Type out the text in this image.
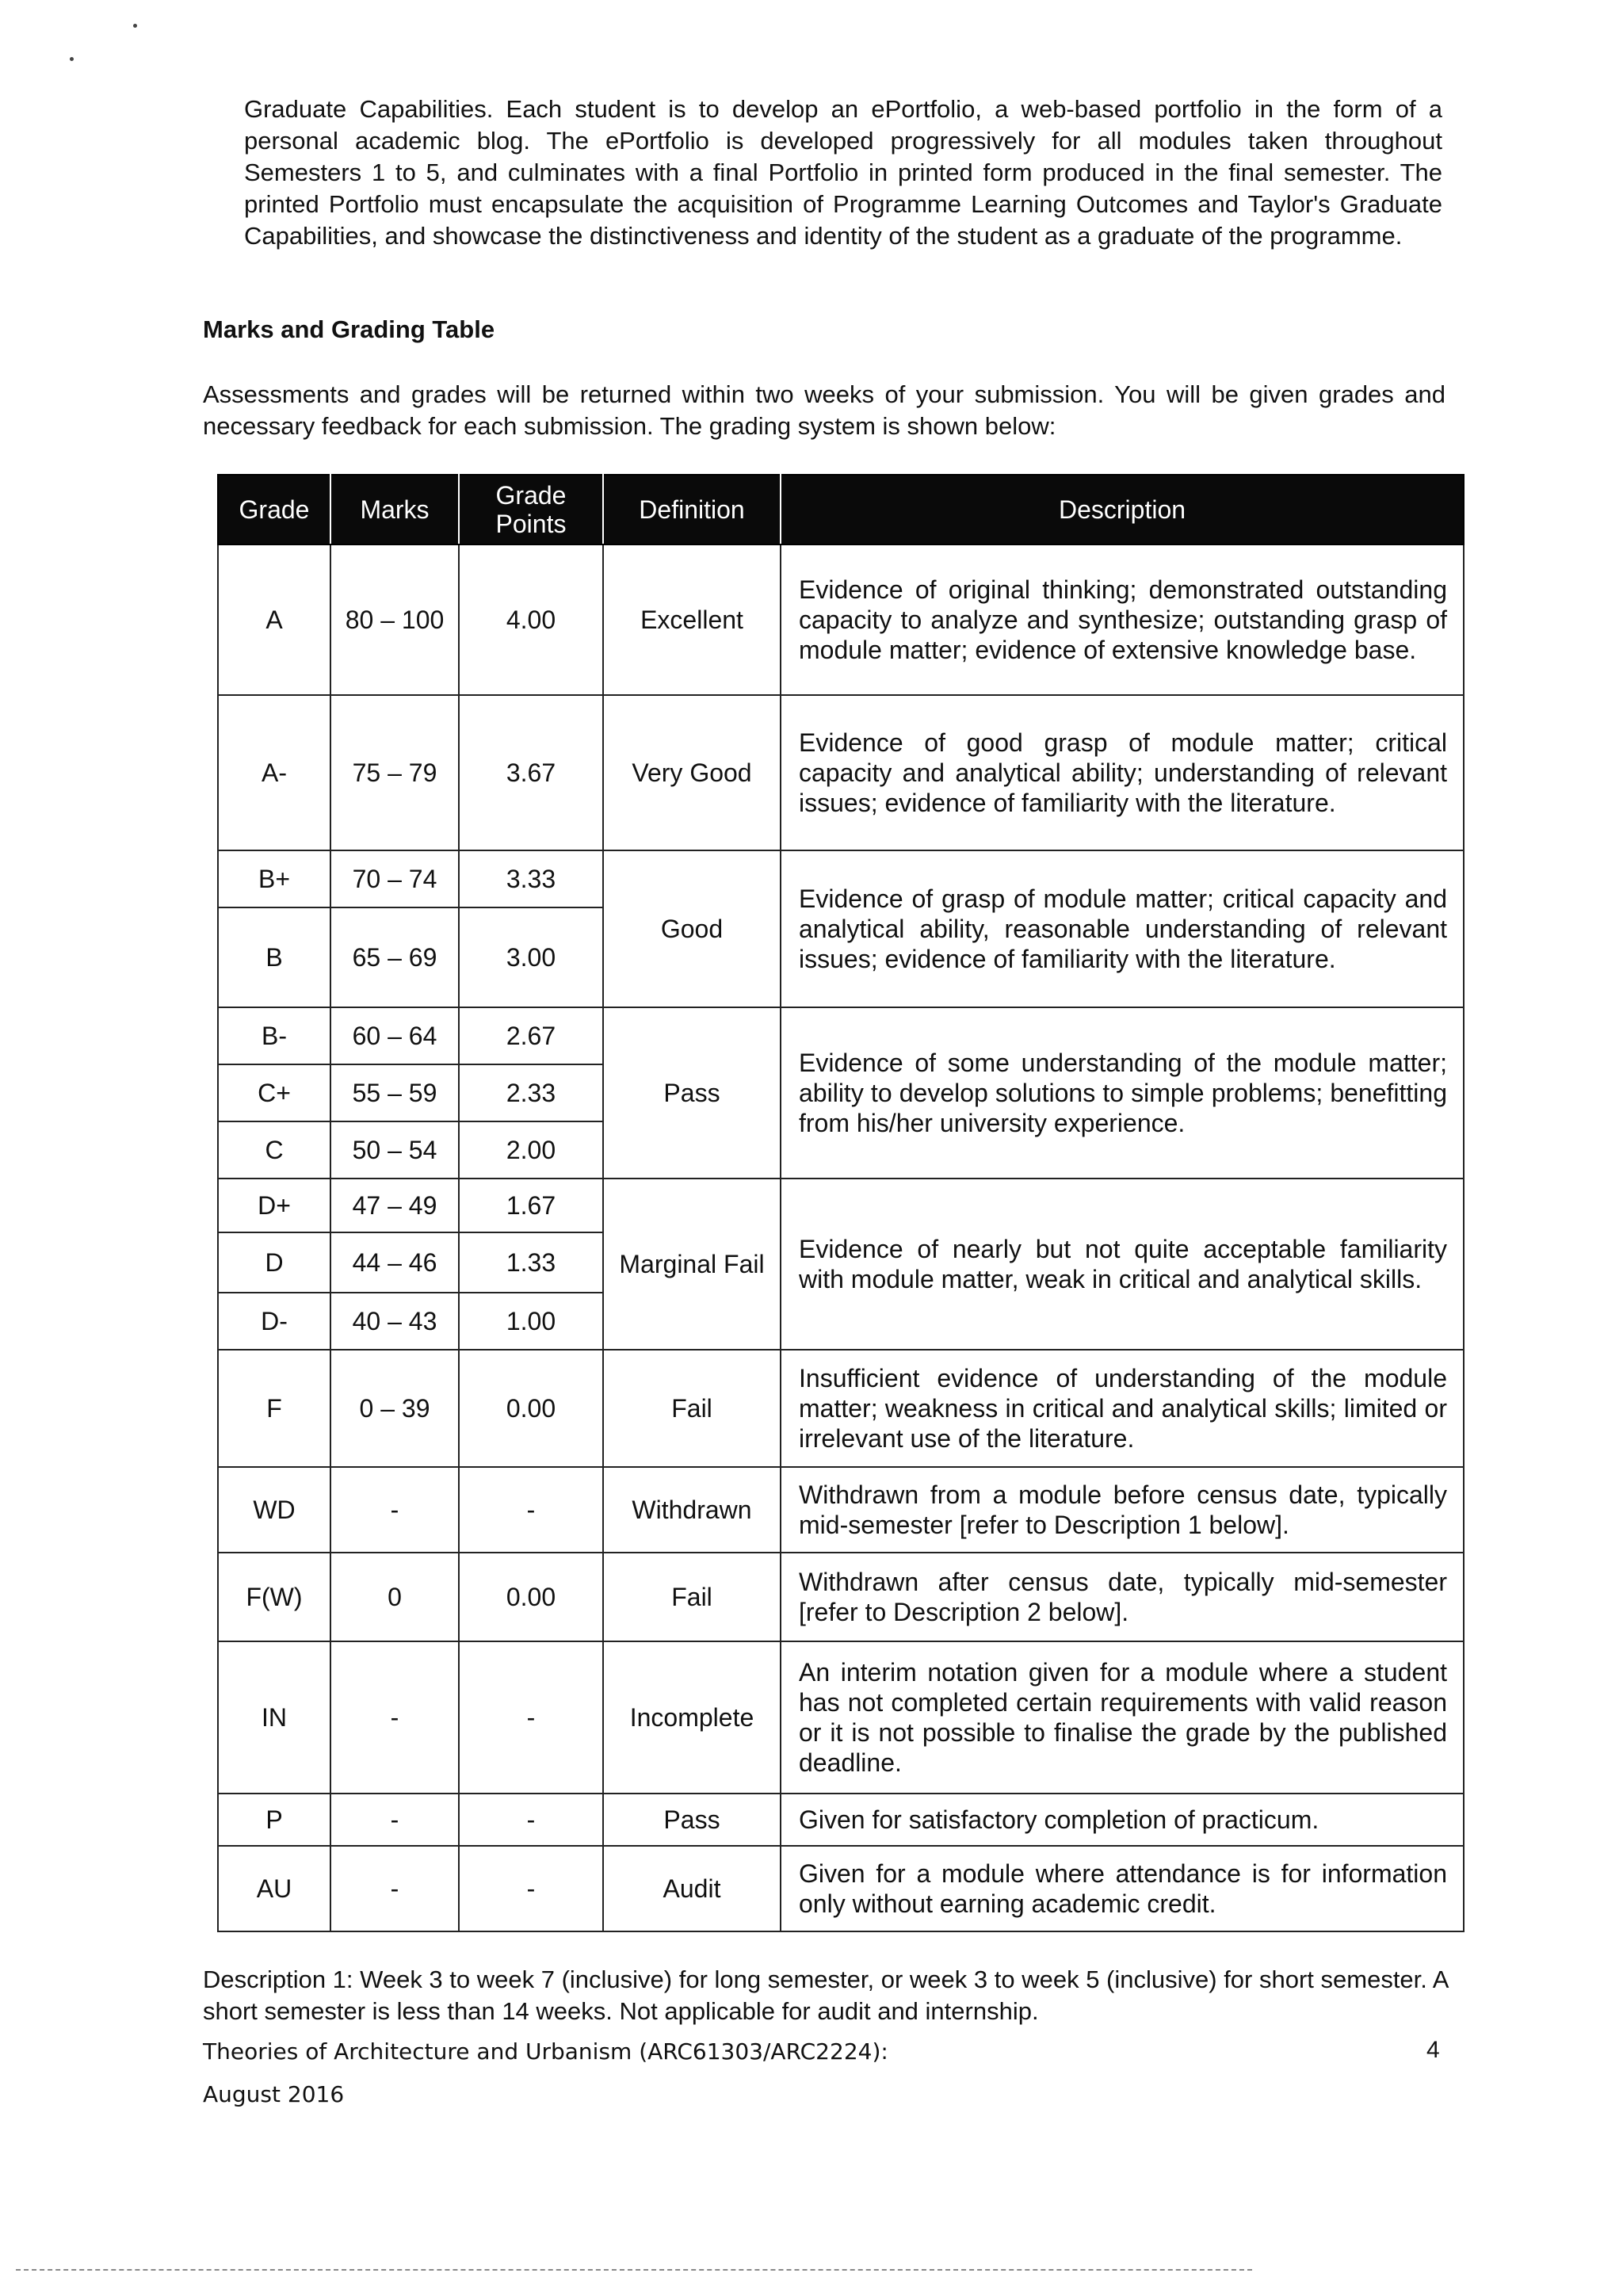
Graduate Capabilities. Each student is to develop an ePortfolio, a web-based portfolio in the form of a personal academic blog. The ePortfolio is developed progressively for all modules taken throughout Semesters 1 to 5, and culminates with a final Portfolio in printed form produced in the final semester. The printed Portfolio must encapsulate the acquisition of Programme Learning Outcomes and Taylor's Graduate Capabilities, and showcase the distinctiveness and identity of the student as a graduate of the programme.

Marks and Grading Table

Assessments and grades will be returned within two weeks of your submission. You will be given grades and necessary feedback for each submission. The grading system is shown below:

Grade	Marks	Grade Points	Definition	Description
A	80 – 100	4.00	Excellent	Evidence of original thinking; demonstrated outstanding capacity to analyze and synthesize; outstanding grasp of module matter; evidence of extensive knowledge base.
A-	75 – 79	3.67	Very Good	Evidence of good grasp of module matter; critical capacity and analytical ability; understanding of relevant issues; evidence of familiarity with the literature.
B+	70 – 74	3.33	Good	Evidence of grasp of module matter; critical capacity and analytical ability, reasonable understanding of relevant issues; evidence of familiarity with the literature.
B	65 – 69	3.00		
B-	60 – 64	2.67	Pass	Evidence of some understanding of the module matter; ability to develop solutions to simple problems; benefitting from his/her university experience.
C+	55 – 59	2.33		
C	50 – 54	2.00		
D+	47 – 49	1.67	Marginal Fail	Evidence of nearly but not quite acceptable familiarity with module matter, weak in critical and analytical skills.
D	44 – 46	1.33		
D-	40 – 43	1.00		
F	0 – 39	0.00	Fail	Insufficient evidence of understanding of the module matter; weakness in critical and analytical skills; limited or irrelevant use of the literature.
WD	-	-	Withdrawn	Withdrawn from a module before census date, typically mid-semester [refer to Description 1 below].
F(W)	0	0.00	Fail	Withdrawn after census date, typically mid-semester [refer to Description 2 below].
IN	-	-	Incomplete	An interim notation given for a module where a student has not completed certain requirements with valid reason or it is not possible to finalise the grade by the published deadline.
P	-	-	Pass	Given for satisfactory completion of practicum.
AU	-	-	Audit	Given for a module where attendance is for information only without earning academic credit.

Description 1: Week 3 to week 7 (inclusive) for long semester, or week 3 to week 5 (inclusive) for short semester. A short semester is less than 14 weeks. Not applicable for audit and internship.

Theories of Architecture and Urbanism (ARC61303/ARC2224):	4

August 2016
